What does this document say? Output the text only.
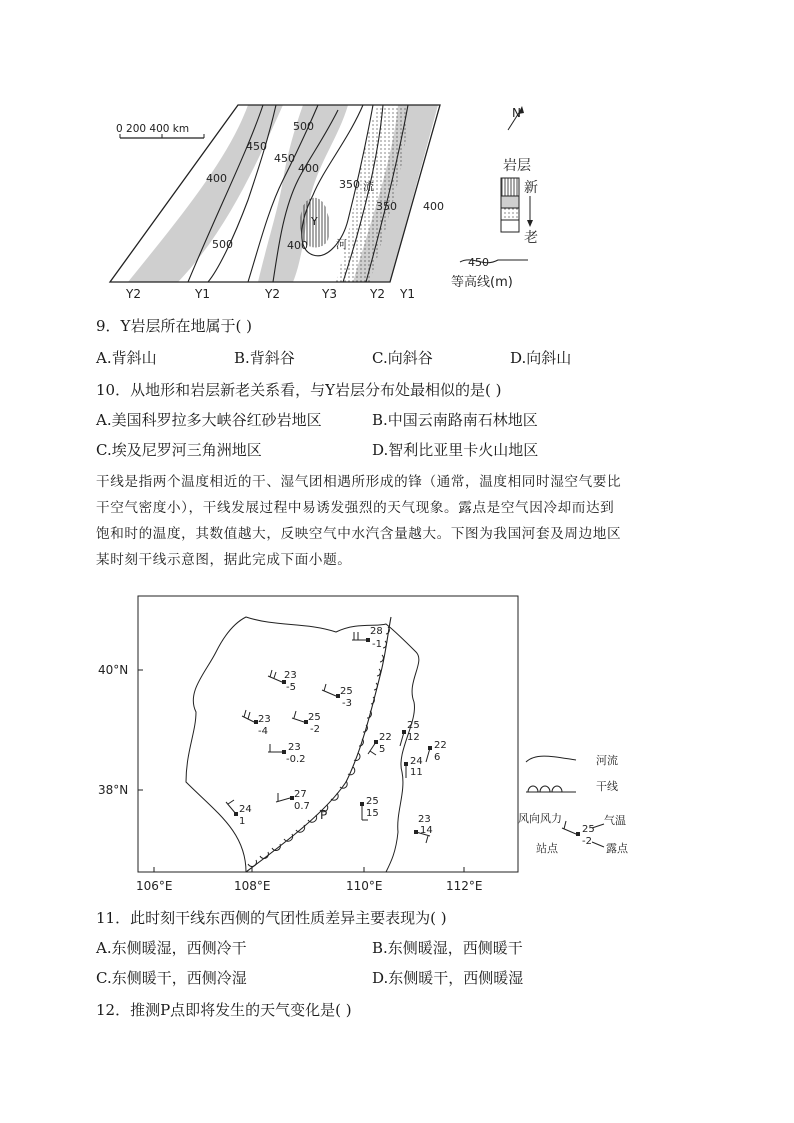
0 200 400 km
N
450
500
450
400
500
400
350
350
400
400
Y
流
河
Y2	Y1	Y2	Y3	Y2 Y1
岩层
新
老
450
等高线(m)
9．Y岩层所在地属于( )
A.背斜山	B.背斜谷	C.向斜谷	D.向斜山
10．从地形和岩层新老关系看，与Y岩层分布处最相似的是( )
A.美国科罗拉多大峡谷红砂岩地区	B.中国云南路南石林地区
C.埃及尼罗河三角洲地区	D.智利比亚里卡火山地区
干线是指两个温度相近的干、湿气团相遇所形成的锋（通常，温度相同时湿空气要比
干空气密度小），干线发展过程中易诱发强烈的天气现象。露点是空气因冷却而达到
饱和时的温度，其数值越大，反映空气中水汽含量越大。下图为我国河套及周边地区
某时刻干线示意图，据此完成下面小题。
40°N
38°N
106°E	108°E	110°E	112°E
P
28
-1
23
-5	25
-3
23
-4
25
-2
23
-0.2
22
5
25
12
22
6
24
11
27
0.7
24
1
25
15
23
14
河流
干线
风向风力	气温
25
-2
站点	露点
11．此时刻干线东西侧的气团性质差异主要表现为( )
A.东侧暖湿，西侧冷干	B.东侧暖湿，西侧暖干
C.东侧暖干，西侧冷湿	D.东侧暖干，西侧暖湿
12．推测P点即将发生的天气变化是( )
